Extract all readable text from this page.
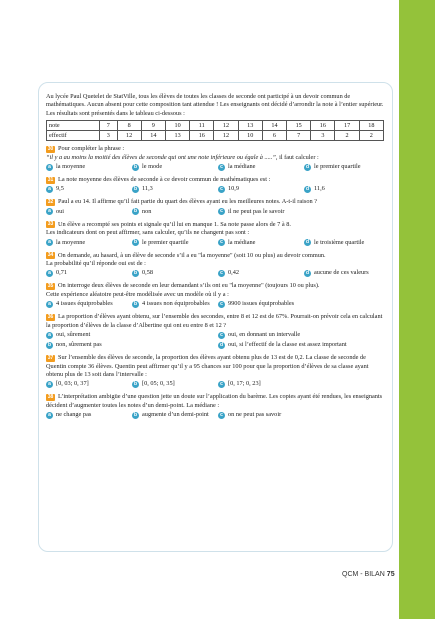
Au lycée Paul Quetelet de StatVille, tous les élèves de toutes les classes de seconde ont participé à un devoir commun de mathématiques. Aucun absent pour cette composition tant attendue ! Les enseignants ont décidé d’arrondir la note à l’entier supérieur.

Les résultats sont présentés dans le tableau ci-dessous :

note	7	8	9	10	11	12	13	14	15	16	17	18
effectif	3	12	14	13	16	12	10	6	7	3	2	2
30 Pour compléter la phrase :
“il y a au moins la moitié des élèves de seconde qui ont une note inférieure ou égale à .....”, il faut calculer :
a la moyenne	b le mode	c la médiane	d le premier quartile
31 La note moyenne des élèves de seconde à ce devoir commun de mathématiques est :
a 9,5	b 11,3	c 10,9	d 11,6
32 Paul a eu 14. Il affirme qu’il fait partie du quart des élèves ayant eu les meilleures notes. A-t-il raison ?
a oui	b non	c il ne peut pas le savoir
33 Un élève a recompté ses points et signale qu’il lui en manque 1. Sa note passe alors de 7 à 8.
Les indicateurs dont on peut affirmer, sans calculer, qu’ils ne changent pas sont :
a la moyenne	b le premier quartile	c la médiane	d le troisième quartile
34 On demande, au hasard, à un élève de seconde s’il a eu "la moyenne" (soit 10 ou plus) au devoir commun.
La probabilité qu’il réponde oui est de :
a 0,71	b 0,58	c 0,42	d aucune de ces valeurs
35 On interroge deux élèves de seconde en leur demandant s’ils ont eu "la moyenne" (toujours 10 ou plus).
Cette expérience aléatoire peut-être modélisée avec un modèle où il y a :
a 4 issues équiprobables	b 4 issues non équiprobables	c 9900 issues équiprobables
36 La proportion d’élèves ayant obtenu, sur l’ensemble des secondes, entre 8 et 12 est de 67%. Pourrait-on prévoir cela en calculant la proportion d’élèves de la classe d’Albertine qui ont eu entre 8 et 12 ?
a oui, sûrement	c oui, en donnant un intervalle
b non, sûrement pas	d oui, si l’effectif de la classe est assez important
37 Sur l’ensemble des élèves de seconde, la proportion des élèves ayant obtenu plus de 13 est de 0,2. La classe de seconde de Quentin compte 36 élèves. Quentin peut affirmer qu’il y a 95 chances sur 100 pour que la proportion d’élèves de sa classe ayant obtenu plus de 13 soit dans l’intervalle :
a [0, 03; 0, 37]	b [0, 05; 0, 35]	c [0, 17; 0, 23]
38 L’interprétation ambigüe d’une question jette un doute sur l’application du barème. Les copies ayant été rendues, les enseignants décident d’augmenter toutes les notes d’un demi-point. La médiane :
a ne change pas	b augmente d’un demi-point	c on ne peut pas savoir
QCM - BILAN 75
